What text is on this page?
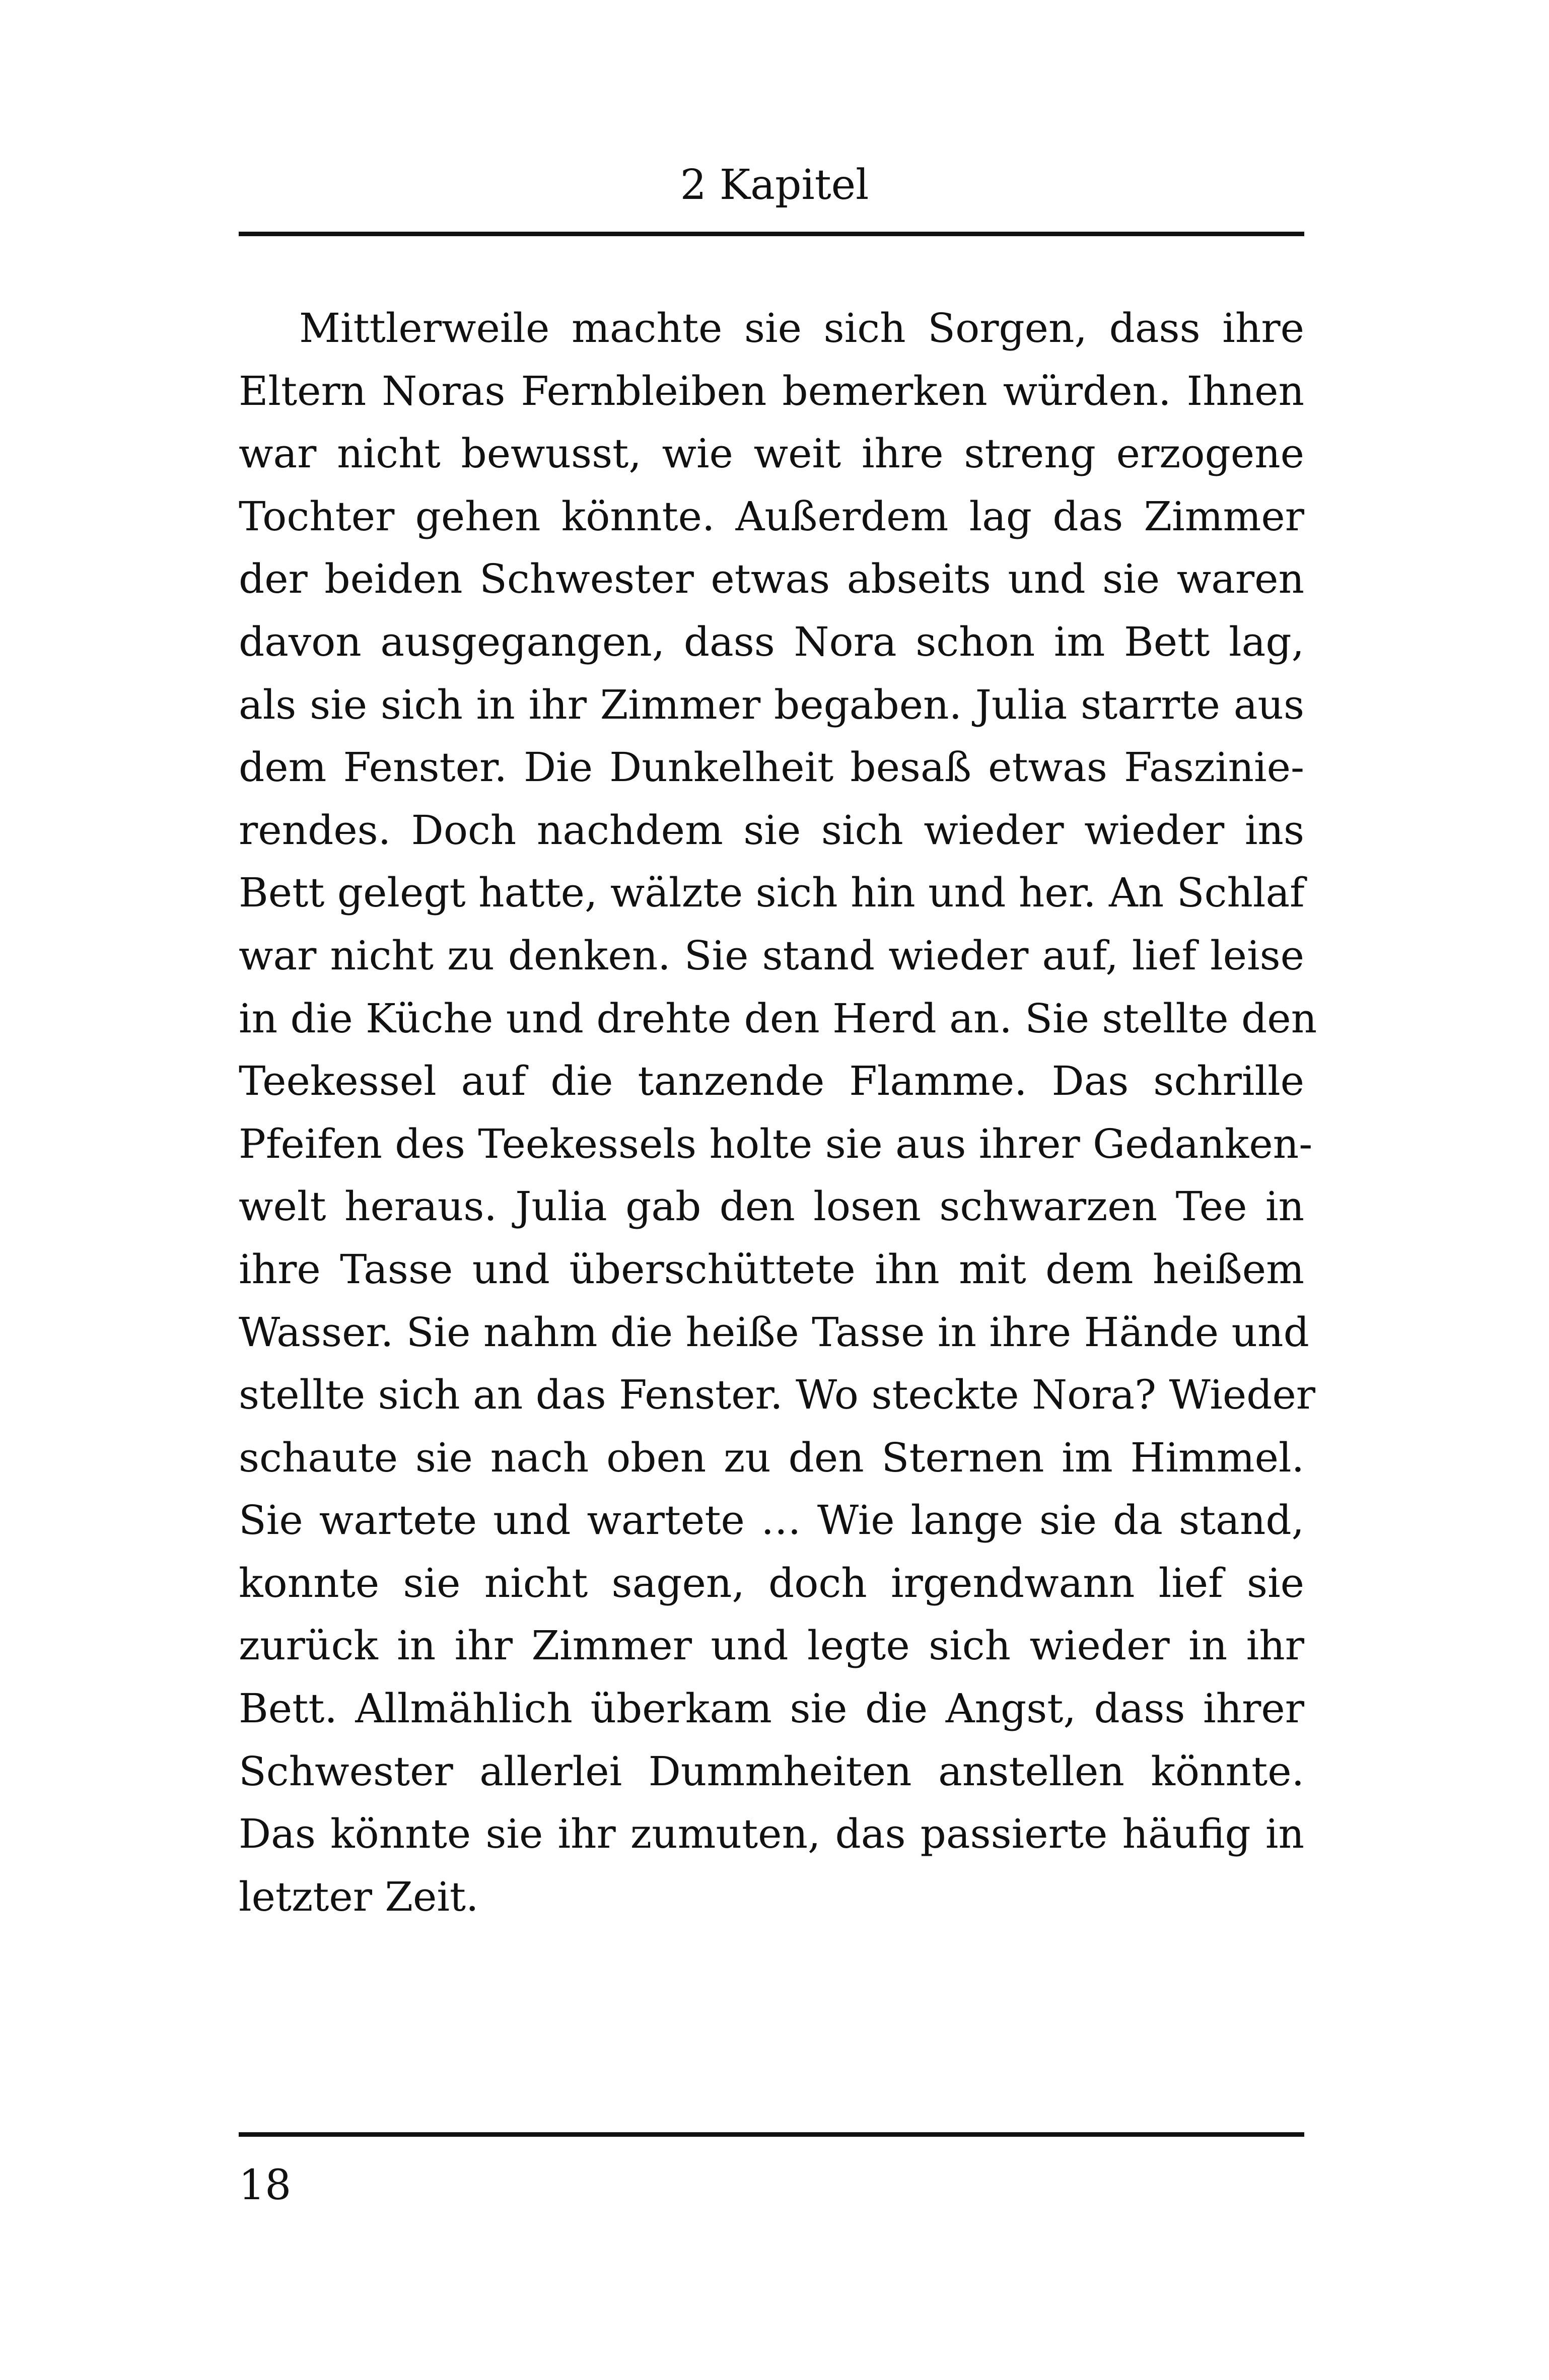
2 Kapitel
Mittlerweile machte sie sich Sorgen, dass ihre
Eltern Noras Fernbleiben bemerken würden. Ihnen
war nicht bewusst, wie weit ihre streng erzogene
Tochter gehen könnte. Außerdem lag das Zimmer
der beiden Schwester etwas abseits und sie waren
davon ausgegangen, dass Nora schon im Bett lag,
als sie sich in ihr Zimmer begaben. Julia starrte aus
dem Fenster. Die Dunkelheit besaß etwas Faszinie-
rendes. Doch nachdem sie sich wieder wieder ins
Bett gelegt hatte, wälzte sich hin und her. An Schlaf
war nicht zu denken. Sie stand wieder auf, lief leise
in die Küche und drehte den Herd an. Sie stellte den
Teekessel auf die tanzende Flamme. Das schrille
Pfeifen des Teekessels holte sie aus ihrer Gedanken-
welt heraus. Julia gab den losen schwarzen Tee in
ihre Tasse und überschüttete ihn mit dem heißem
Wasser. Sie nahm die heiße Tasse in ihre Hände und
stellte sich an das Fenster. Wo steckte Nora? Wieder
schaute sie nach oben zu den Sternen im Himmel.
Sie wartete und wartete … Wie lange sie da stand,
konnte sie nicht sagen, doch irgendwann lief sie
zurück in ihr Zimmer und legte sich wieder in ihr
Bett. Allmählich überkam sie die Angst, dass ihrer
Schwester allerlei Dummheiten anstellen könnte.
Das könnte sie ihr zumuten, das passierte häufig in
letzter Zeit.
18
